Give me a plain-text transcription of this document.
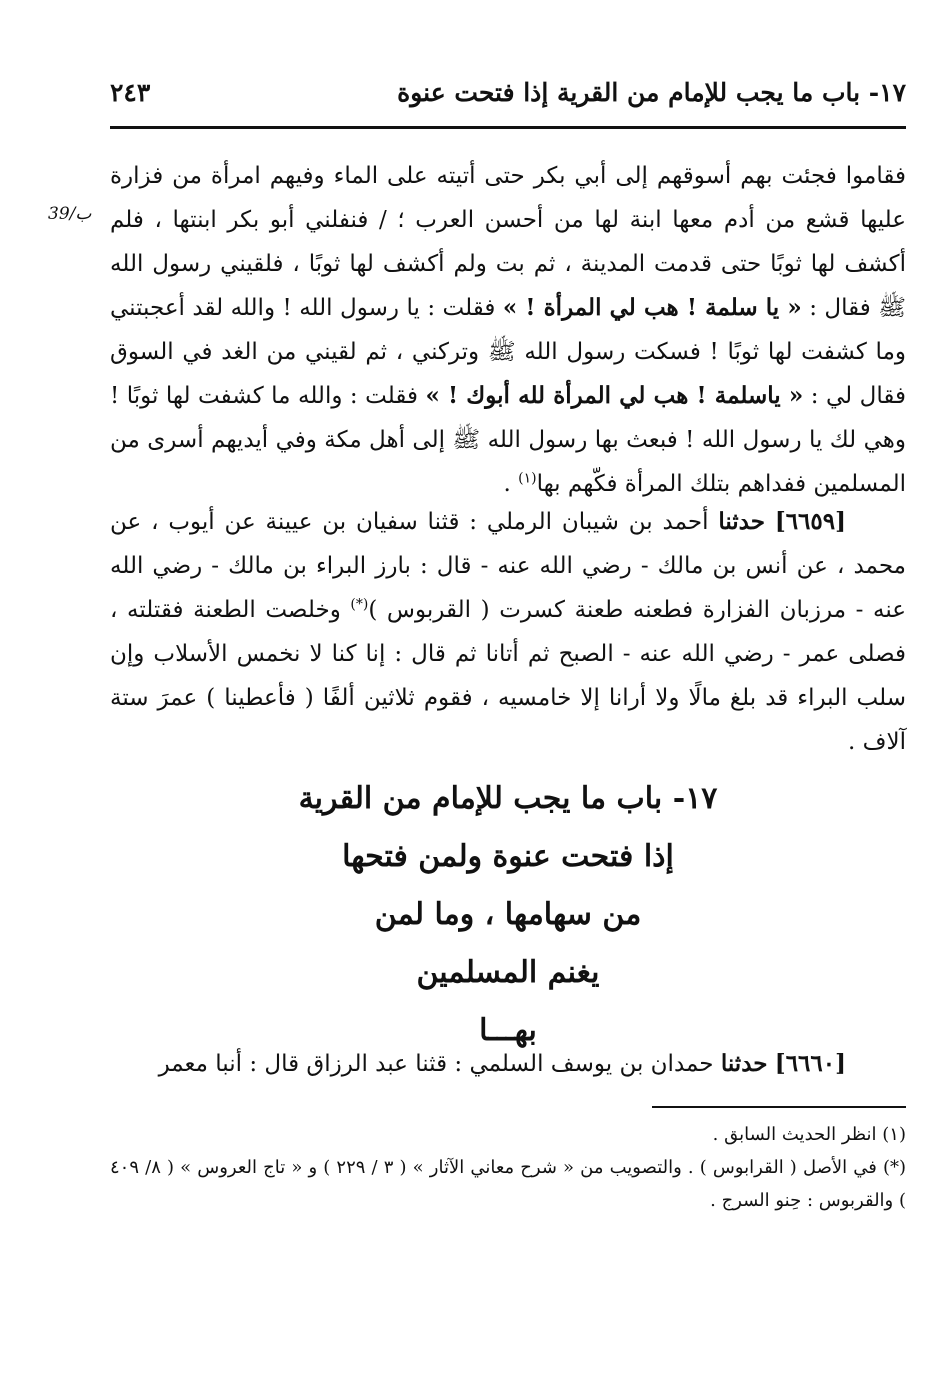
١٧- باب ما يجب للإمام من القرية إذا فتحت عنوة
٢٤٣
39/ب

فقاموا فجئت بهم أسوقهم إلى أبي بكر حتى أتيته على الماء وفيهم امرأة من فزارة عليها قشع من أدم معها ابنة لها من أحسن العرب ؛ / فنفلني أبو بكر ابنتها ، فلم أكشف لها ثوبًا حتى قدمت المدينة ، ثم بت ولم أكشف لها ثوبًا ، فلقيني رسول الله ﷺ فقال : « يا سلمة ! هب لي المرأة ! » فقلت : يا رسول الله ! والله لقد أعجبتني وما كشفت لها ثوبًا ! فسكت رسول الله ﷺ وتركني ، ثم لقيني من الغد في السوق فقال لي : « ياسلمة ! هب لي المرأة لله أبوك ! » فقلت : والله ما كشفت لها ثوبًا ! وهي لك يا رسول الله ! فبعث بها رسول الله ﷺ إلى أهل مكة وفي أيديهم أسرى من المسلمين ففداهم بتلك المرأة فكّهم بها$^{(١)}$ .

[٦٦٥٩] حدثنا أحمد بن شيبان الرملي : قثنا سفيان بن عيينة عن أيوب ، عن محمد ، عن أنس بن مالك - رضي الله عنه - قال : بارز البراء بن مالك - رضي الله عنه - مرزبان الفزارة فطعنه طعنة كسرت ( القربوس )(*) وخلصت الطعنة فقتلته ، فصلى عمر - رضي الله عنه - الصبح ثم أتانا ثم قال : إنا كنا لا نخمس الأسلاب وإن سلب البراء قد بلغ مالًا ولا أرانا إلا خامسيه ، فقوم ثلاثين ألفًا ( فأعطينا ) عمرَ ستة آلاف .

١٧- باب ما يجب للإمام من القرية
إذا فتحت عنوة ولمن فتحها
من سهامها ، وما لمن
يغنم المسلمين
بهـــا

[٦٦٦٠] حدثنا حمدان بن يوسف السلمي : قثنا عبد الرزاق قال : أنبا معمر

(١) انظر الحديث السابق .

(*) في الأصل ( القرابوس ) . والتصويب من « شرح معاني الآثار » ( ٣ / ٢٢٩ ) و « تاج العروس » ( ٨/ ٤٠٩ ) والقربوس : حِنو السرج .
